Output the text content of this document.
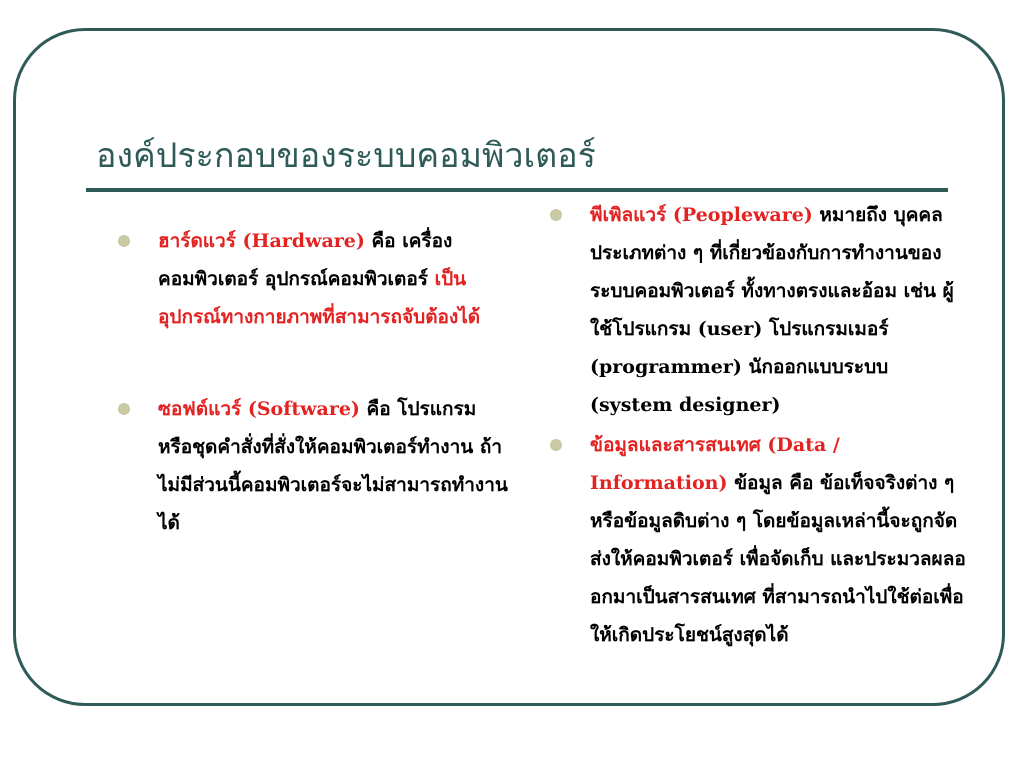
องค์ประกอบของระบบคอมพิวเตอร์
ฮาร์ดแวร์ (Hardware) คือ เครื่องคอมพิวเตอร์ อุปกรณ์คอมพิวเตอร์ เป็นอุปกรณ์ทางกายภาพที่สามารถจับต้องได้
ซอฟต์แวร์ (Software) คือ โปรแกรมหรือชุดคำสั่งที่สั่งให้คอมพิวเตอร์ทำงาน ถ้าไม่มีส่วนนี้คอมพิวเตอร์จะไม่สามารถทำงานได้
พีเพิลแวร์ (Peopleware) หมายถึง บุคคลประเภทต่าง ๆ ที่เกี่ยวข้องกับการทำงานของระบบคอมพิวเตอร์ ทั้งทางตรงและอ้อม เช่น ผู้ใช้โปรแกรม (user) โปรแกรมเมอร์ (programmer) นักออกแบบระบบ (system designer)
ข้อมูลและสารสนเทศ (Data / Information) ข้อมูล คือ ข้อเท็จจริงต่าง ๆ หรือข้อมูลดิบต่าง ๆ โดยข้อมูลเหล่านี้จะถูกจัดส่งให้คอมพิวเตอร์ เพื่อจัดเก็บ และประมวลผลออกมาเป็นสารสนเทศ ที่สามารถนำไปใช้ต่อเพื่อให้เกิดประโยชน์สูงสุดได้
